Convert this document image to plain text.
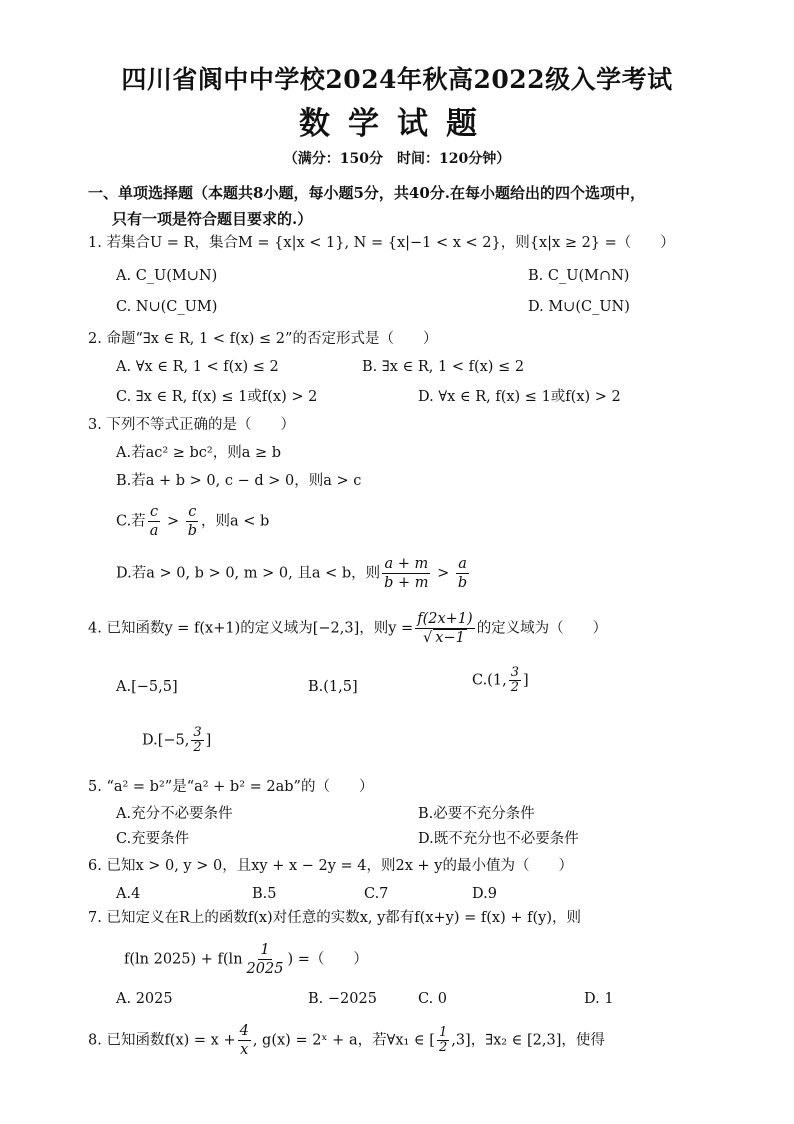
四川省阆中中学校2024年秋高2022级入学考试
数学试题
（满分：150分　时间：120分钟）
一、单项选择题（本题共8小题，每小题5分，共40分.在每小题给出的四个选项中，
只有一项是符合题目要求的.）
1. 若集合U = R，集合M = {x|x < 1}, N = {x|−1 < x < 2}，则{x|x ≥ 2} =（　　）
A. C_U(M∪N)	B. C_U(M∩N)
C. N∪(C_UM)	D. M∪(C_UN)
2. 命题“∃x ∈ R, 1 < f(x) ≤ 2”的否定形式是（　　）
A. ∀x ∈ R, 1 < f(x) ≤ 2	B. ∃x ∈ R, 1 < f(x) ≤ 2
C. ∃x ∈ R, f(x) ≤ 1或f(x) > 2	D. ∀x ∈ R, f(x) ≤ 1或f(x) > 2
3. 下列不等式正确的是（　　）
A.若ac² ≥ bc²，则a ≥ b
B.若a + b > 0, c − d > 0，则a > c
C.若 $\frac{c}{a} > \frac{c}{b}$ ，则a < b
D.若a > 0, b > 0, m > 0, 且a < b，则 $\frac{a + m}{b + m} > \frac{a}{b}$
4. 已知函数y = f(x+1)的定义域为[−2,3]，则$y = \frac{f(2x+1)}{√ x-1}$ 的定义域为（　　）
A.[−5,5]	B.(1,5]	C.(1, $\frac{3}{2}$ ]
D.[−5, $\frac{3}{2}$ ]
5. “a² = b²”是“a² + b² = 2ab”的（　　）
A.充分不必要条件	B.必要不充分条件
C.充要条件	D.既不充分也不必要条件
6. 已知x > 0, y > 0，且xy + x − 2y = 4，则2x + y的最小值为（　　）
A.4	B.5	C.7	D.9
7. 已知定义在R上的函数f(x)对任意的实数x, y都有f(x+y) = f(x) + f(y)，则
f(ln $2025) + f(\ln \frac{1}{2025}$ ) =（　　）
A. 2025	B. −2025	C. 0	D. 1
8. 已知函数$f(x) = x + \frac{4}{x}$ , g(x) = 2ˣ + a，若∀x₁ ∈ [ $\frac{1}{2} ,3$]，∃x₂ ∈ [2,3]，使得
